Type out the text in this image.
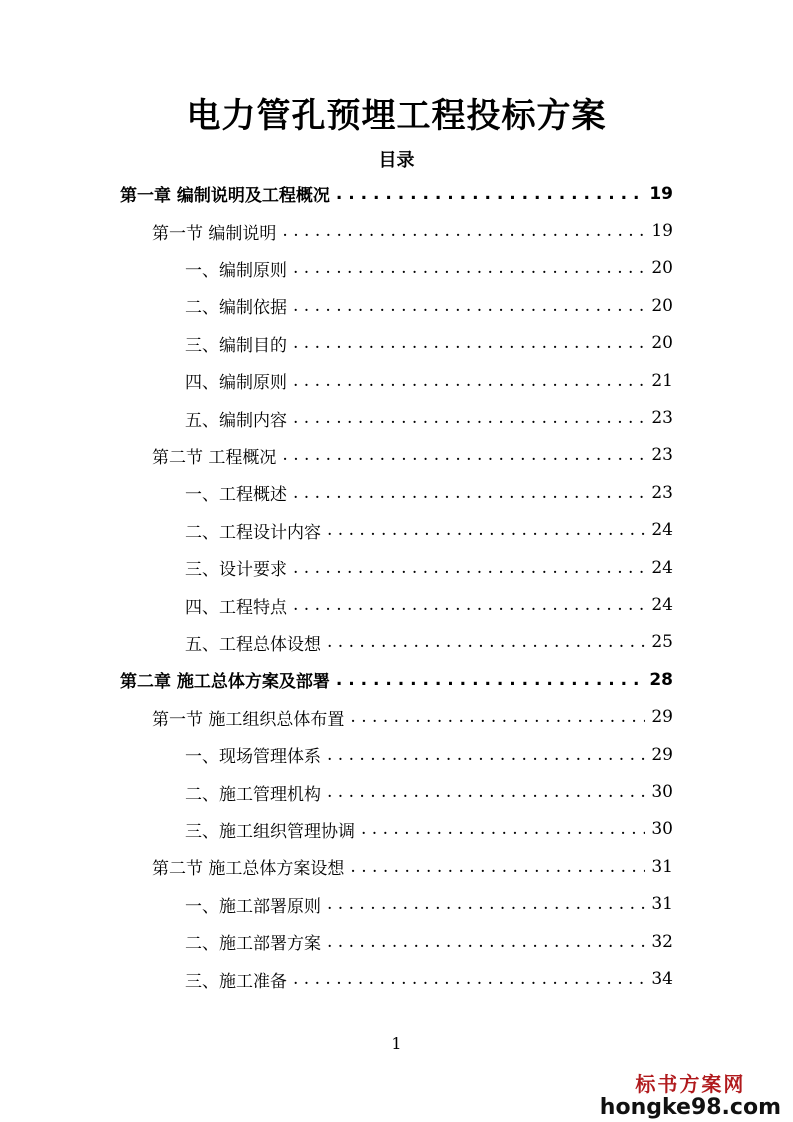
电力管孔预埋工程投标方案
目录
第一章 编制说明及工程概况 . . .	19
第一节 编制说明 . . .	19
一、编制原则 . . .	20
二、编制依据 . . .	20
三、编制目的 . . .	20
四、编制原则 . . .	21
五、编制内容 . . .	23
第二节 工程概况 . . .	23
一、工程概述 . . .	23
二、工程设计内容 . . .	24
三、设计要求 . . .	24
四、工程特点 . . .	24
五、工程总体设想 . . .	25
第二章 施工总体方案及部署 . . .	28
第一节 施工组织总体布置 . . .	29
一、现场管理体系 . . .	29
二、施工管理机构 . . .	30
三、施工组织管理协调 . . .	30
第二节 施工总体方案设想 . . .	31
一、施工部署原则 . . .	31
二、施工部署方案 . . .	32
三、施工准备 . . .	34
1
标书方案网
hongke98.com
